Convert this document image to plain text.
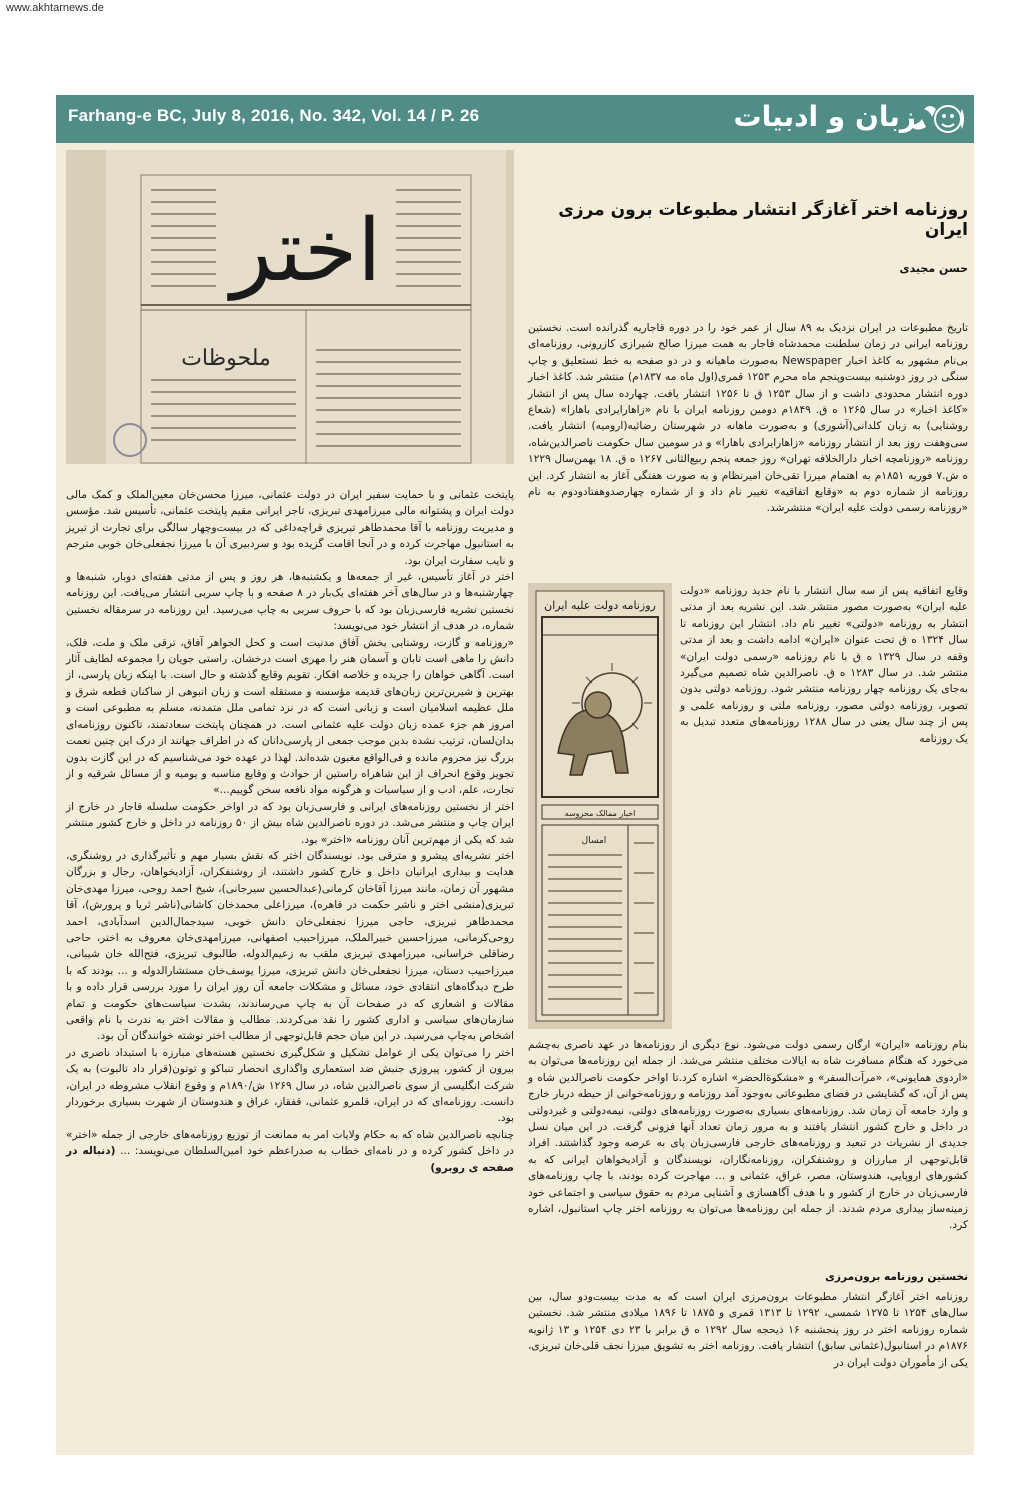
www.akhtarnews.de
Farhang-e BC, July 8, 2016, No. 342, Vol. 14 / P. 26	زبان و ادبیات
اختر
ملحوظات
روزنامه دولت علیه ایران
اخبار ممالک محروسه
امسال
روزنامه اختر آغازگر انتشار مطبوعات برون مرزی ایران
حسن مجیدی
تاریخ مطبوعات در ایران نزدیک به ۸۹ سال از عمر خود را در دوره قاجاریه گذرانده است. نخستین روزنامه ایرانی در زمان سلطنت محمدشاه قاجار به همت میرزا صالح شیرازی کازرونی، روزنامه‌ای بی‌نام مشهور به کاغذ اخبار Newspaper به‌صورت ماهیانه و در دو صفحه به خط نستعلیق و چاپ سنگی در روز دوشنبه بیست‌وپنجم ماه محرم ۱۲۵۳ قمری(اول ماه مه ۱۸۳۷م) منتشر شد. کاغذ اخبار دوره انتشار محدودی داشت و از سال ۱۲۵۳ ق تا ۱۲۵۶ انتشار یافت. چهارده سال پس از انتشار «کاغذ اخبار» در سال ۱۲۶۵ ه ق. ۱۸۴۹م دومین روزنامه ایران با نام «زاهارایرادی باهارا» (شعاع روشنایی) به زبان کلدانی(آشوری) و به‌صورت ماهانه در شهرستان رضائیه(ارومیه) انتشار یافت. سی‌وهفت روز بعد از انتشار روزنامه «زاهارایرادی باهارا» و در سومین سال حکومت ناصرالدین‌شاه، روزنامه «روزنامچه اخبار دارالخلافه تهران» روز جمعه پنجم ربیع‌الثانی ۱۲۶۷ ه ق. ۱۸ بهمن‌سال ۱۲۲۹ ه ش.۷ فوریه ۱۸۵۱م به اهتمام میرزا تقی‌خان امیرنظام و به صورت هفتگی آغاز به انتشار کرد. این روزنامه از شماره دوم به «وقایع اتفاقیه» تغییر نام داد و از شماره چهارصدوهفتادودوم به نام «روزنامه رسمی دولت علیه ایران» منتشرشد.
وقایع اتفاقیه پس از سه سال انتشار با نام جدید روزنامه «دولت علیه ایران» به‌صورت مصور منتشر شد. این نشریه بعد از مدتی انتشار به روزنامه «دولتی» تغییر نام داد. انتشار این روزنامه تا سال ۱۳۲۴ ه ق تحت عنوان «ایران» ادامه داشت و بعد از مدتی وقفه در سال ۱۳۲۹ ه ق با نام روزنامه «رسمی دولت ایران» منتشر شد. در سال ۱۲۸۳ ه ق. ناصرالدین شاه تصمیم می‌گیرد به‌جای یک روزنامه چهار روزنامه منتشر شود. روزنامه دولتی بدون تصویر، روزنامه دولتی مصور، روزنامه ملتی و روزنامه علمی و پس از چند سال یعنی در سال ۱۲۸۸ روزنامه‌های متعدد تبدیل به یک روزنامه
بنام روزنامه «ایران» ارگان رسمی دولت می‌شود. نوع دیگری از روزنامه‌ها در عهد ناصری به‌چشم می‌خورد که هنگام مسافرت شاه به ایالات مختلف منتشر می‌شد. از جمله این روزنامه‌ها می‌توان به «اردوی همایونی»، «مرآت‌السفر» و «مشکوة‌الحضر» اشاره کرد.تا اواخر حکومت ناصرالدین شاه و پس از آن، که گشایشی در فضای مطبوعاتی به‌وجود آمد روزنامه و روزنامه‌خوانی از حیطه دربار خارج و وارد جامعه آن زمان شد. روزنامه‌های بسیاری به‌صورت روزنامه‌های دولتی، نیمه‌دولتی و غیردولتی در داخل و خارج کشور انتشار یافتند و به مرور زمان تعداد آنها فزونی گرفت. در این میان نسل جدیدی از نشریات در تبعید و روزنامه‌های خارجی فارسی‌زبان پای به عرصه وجود گذاشتند. افراد قابل‌توجهی از مبارزان و روشنفکران، روزنامه‌نگاران، نویسندگان و آزادیخواهان ایرانی که به کشورهای اروپایی، هندوستان، مصر، عراق، عثمانی و ... مهاجرت کرده بودند، با چاپ روزنامه‌های فارسی‌زبان در خارج از کشور و با هدف آگاهسازی و آشنایی مردم به حقوق سیاسی و اجتماعی خود زمینه‌ساز بیداری مردم شدند. از جمله این روزنامه‌ها می‌توان به روزنامه اختر چاپ استانبول، اشاره کرد.
نخستین روزنامه برون‌مرزی
روزنامه اختر آغازگر انتشار مطبوعات برون‌مرزی ایران است که به مدت بیست‌ودو سال، بین سال‌های ۱۲۵۴ تا ۱۲۷۵ شمسی، ۱۲۹۲ تا ۱۳۱۳ قمری و ۱۸۷۵ تا ۱۸۹۶ میلادی منتشر شد. نخستین شماره روزنامه اختر در روز پنجشنبه ۱۶ ذیحجه سال ۱۲۹۲ ه ق برابر با ۲۳ دی ۱۲۵۴ و ۱۳ ژانویه ۱۸۷۶م در استانبول(عثمانی سابق) انتشار یافت. روزنامه اختر به تشویق میرزا نجف قلی‌خان تبریزی، یکی از مأموران دولت ایران در
پایتخت عثمانی و با حمایت سفیر ایران در دولت عثمانی، میرزا محسن‌خان معین‌الملک و کمک مالی دولت ایران و پشتوانه مالی میرزامهدی تبریزی، تاجر ایرانی مقیم پایتخت عثمانی، تأسیس شد. مؤسس و مدیریت روزنامه با آقا محمدطاهر تبریزی قراچه‌داغی که در بیست‌وچهار سالگی برای تجارت از تبریز به استانبول مهاجرت کرده و در آنجا اقامت گزیده بود و سردبیری آن با میرزا نجفعلی‌خان خوبی مترجم و نایب سفارت ایران بود.
اختر در آغاز تأسیس، غیر از جمعه‌ها و یکشنبه‌ها، هر روز و پس از مدتی هفته‌ای دوبار، شنبه‌ها و چهارشنبه‌ها و در سال‌های آخر هفته‌ای یک‌بار در ۸ صفحه و با چاپ سربی انتشار می‌یافت. این روزنامه نخستین نشریه فارسی‌زبان بود که با حروف سربی به چاپ می‌رسید. این روزنامه در سرمقاله نخستین شماره، در هدف از انتشار خود می‌نویسد:
«روزنامه و گازت، روشنایی بخش آفاق مدنیت است و کحل الجواهر آفاق، ترقی ملک و ملت، فلک، دانش را ماهی است تابان و آسمان هنر را مهری است درخشان. راستی جویان را مجموعه لطایف آثار است. آگاهی خواهان را جریده و خلاصه افکار. تقویم وقایع گذشته و حال است. با اینکه زبان پارسی، از بهترین و شیرین‌ترین زبان‌های قدیمه مؤسسه و مستقله است و زبان انبوهی از ساکنان قطعه شرق و ملل عظیمه اسلامیان است و زبانی است که در نزد تمامی ملل متمدنه، مسلم به مطبوعی است و امروز هم جزء عمده زبان دولت علیه عثمانی است. در همچنان پایتخت سعادتمند، تاکنون روزنامه‌ای بدان‌لسان، ترتیب نشده بدین موجب جمعی از پارسی‌دانان که در اطراف جهانند از درک این چنین نعمت بزرگ نیز محروم مانده و فی‌الواقع مغبون شده‌اند. لهذا در عهده خود می‌شناسیم که در این گازت بدون تجویز وقوع انحراف از این شاهراه راستین از حوادث و وقایع مناسبه و یومیه و از مسائل شرقیه و از تجارت، علم، ادب و از سیاسیات و هرگونه مواد نافعه سخن گوییم...»
اختر از نخستین روزنامه‌های ایرانی و فارسی‌زبان بود که در اواخر حکومت سلسله قاجار در خارج از ایران چاپ و منتشر می‌شد. در دوره ناصرالدین شاه بیش از ۵۰ روزنامه در داخل و خارج کشور منتشر شد که یکی از مهم‌ترین آنان روزنامه «اختر» بود.
اختر نشریه‌ای پیشرو و مترقی بود. نویسندگان اختر که نقش بسیار مهم و تأثیرگذاری در روشنگری، هدایت و بیداری ایرانیان داخل و خارج کشور داشتند، از روشنفکران، آزادیخواهان، رجال و بزرگان مشهور آن زمان، مانند میرزا آقاخان کرمانی(عبدالحسین سیرجانی)، شیخ احمد روحی، میرزا مهدی‌خان تبریزی(منشی اختر و ناشر حکمت در قاهره)، میرزاعلی محمدخان کاشانی(ناشر ثریا و پرورش)، آقا محمدطاهر تبریزی، حاجی میرزا نجفعلی‌خان دانش خوبی، سیدجمال‌الدین اسدآبادی، احمد روحی‌کرمانی، میرزاحسین خبیرالملک، میرزاحبیب اصفهانی، میرزامهدی‌خان معروف به اختر، حاجی رضاقلی خراسانی، میرزامهدی تبریزی ملقب به زعیم‌الدوله، طالبوف تبریزی، فتح‌الله خان شیبانی، میرزاحبیب دستان، میرزا نجفعلی‌خان دانش تبریزی، میرزا یوسف‌خان مستشارالدوله و ... بودند که با طرح دیدگاه‌های انتقادی خود، مسائل و مشکلات جامعه آن روز ایران را مورد بررسی قرار داده و با مقالات و اشعاری که در صفحات آن به چاپ می‌رساندند، بشدت سیاست‌های حکومت و تمام سازمان‌های سیاسی و اداری کشور را نقد می‌کردند. مطالب و مقالات اختر به ندرت با نام واقعی اشخاص به‌چاپ می‌رسید. در این میان حجم قابل‌توجهی از مطالب اختر نوشته خوانندگان آن بود.
اختر را می‌توان یکی از عوامل تشکیل و شکل‌گیری نخستین هسته‌های مبارزه با استبداد ناصری در بیرون از کشور، پیروزی جنبش ضد استعماری واگذاری انحصار تنباکو و توتون(قرار داد تالبوت) به یک شرکت انگلیسی از سوی ناصرالدین شاه، در سال ۱۲۶۹ ش/۱۸۹۰م و وقوع انقلاب مشروطه در ایران، دانست. روزنامه‌ای که در ایران، قلمرو عثمانی، قفقاز، عراق و هندوستان از شهرت بسیاری برخوردار بود.
چنانچه ناصرالدین شاه که به حکام ولایات امر به ممانعت از توزیع روزنامه‌های خارجی از جمله «اختر» در داخل کشور کرده و در نامه‌ای خطاب به صدراعظم خود امین‌السلطان می‌نویسد: ... (دنباله در صفحه ی روبرو)
